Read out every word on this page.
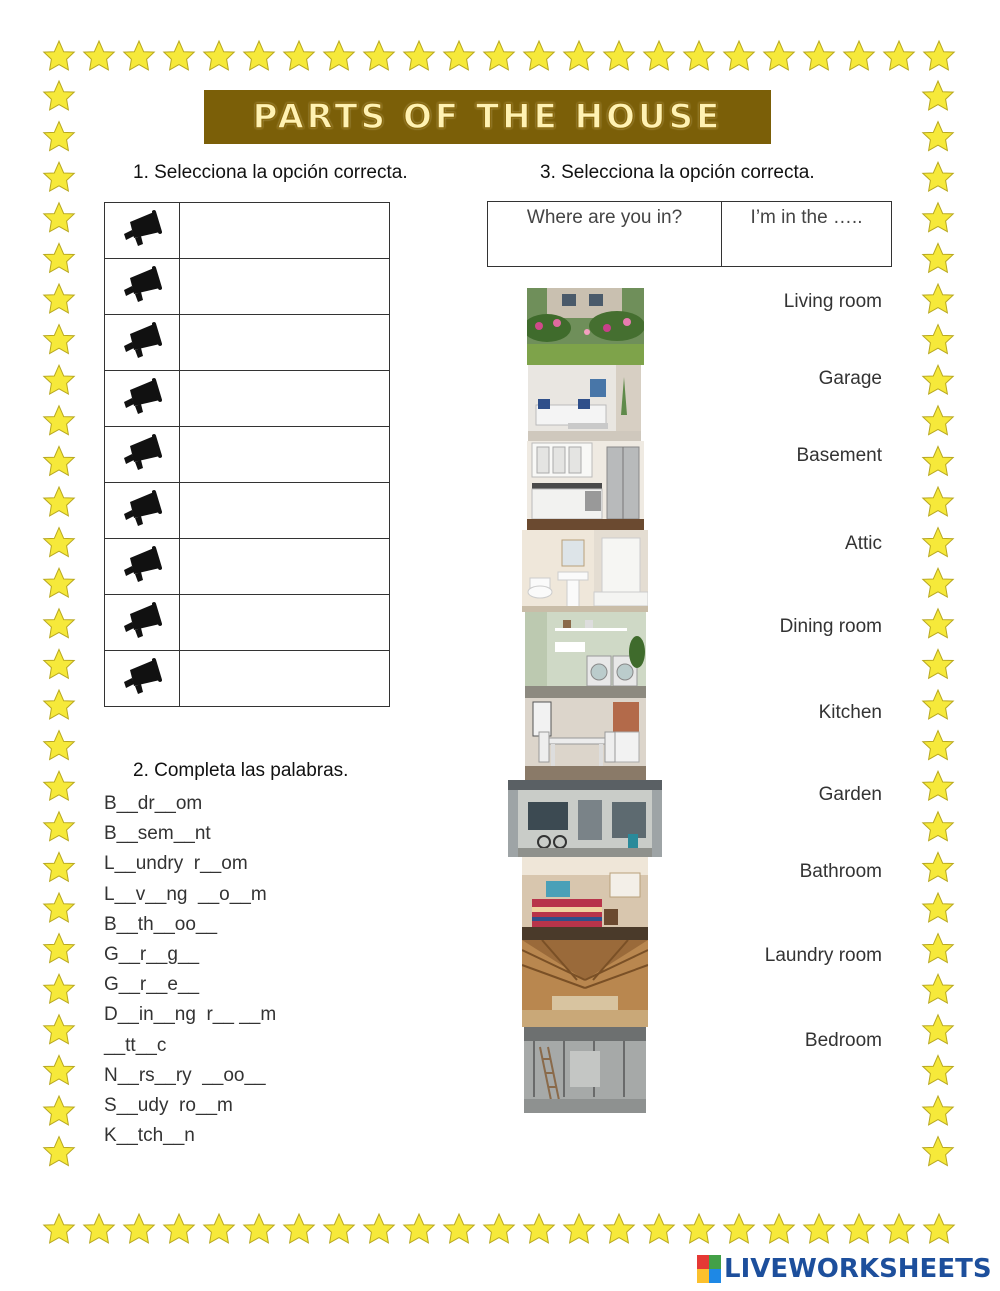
PARTS OF THE HOUSE
1. Selecciona la opción correcta.	3. Selecciona la opción correcta.

Where are you in?	I’m in the …..
2. Completa las palabras.
B__dr__om
B__sem__nt
L__undry  r__om
L__v__ng  __o__m
B__th__oo__
G__r__g__
G__r__e__
D__in__ng  r__ __m
__tt__c
N__rs__ry  __oo__
S__udy  ro__m
K__tch__n
Living room
Garage
Basement
Attic
Dining room
Kitchen
Garden
Bathroom
Laundry room
Bedroom
LIVEWORKSHEETS
